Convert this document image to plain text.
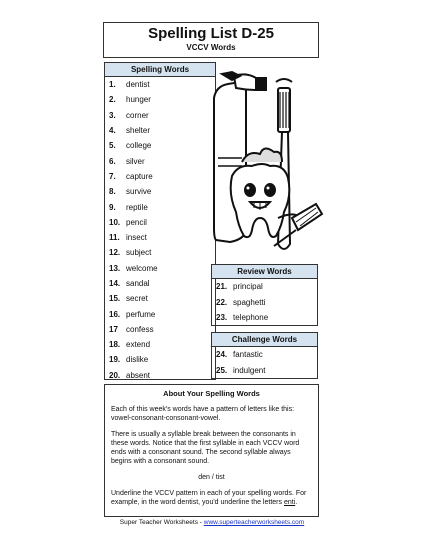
Spelling List D-25
VCCV Words
Spelling Words
1.	dentist
2.	hunger
3.	corner
4.	shelter
5.	college
6.	silver
7.	capture
8.	survive
9.	reptile
10. pencil
11. insect
12. subject
13. welcome
14. sandal
15. secret
16. perfume
17	confess
18. extend
19. dislike
20. absent
Review Words
21. principal
22. spaghetti
23. telephone
Challenge Words
24. fantastic
25. indulgent
About Your Spelling Words

Each of this week's words have a pattern of letters like this: vowel-consonant-consonant-vowel.

There is usually a syllable break between the consonants in these words. Notice that the first syllable in each VCCV word ends with a consonant sound. The second syllable always begins with a consonant sound.

den / tist

Underline the VCCV pattern in each of your spelling words. For example, in the word dentist, you'd underline the letters enti.

Super Teacher Worksheets - www.superteacherworksheets.com
